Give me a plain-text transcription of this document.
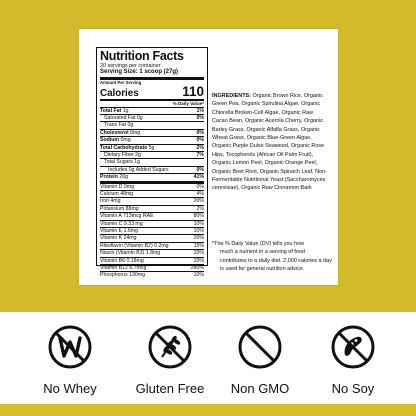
Nutrition Facts
20 servings per container
Serving Size: 1 scoop (27g)
Amount Per Serving
Calories	110
% Daily Value*
Total Fat 1g	1%
Saturated Fat 0g	0%
Trans Fat 0g
Cholesterol 0mg	0%
Sodium 0mg	0%
Total Carbohydrate 5g	2%
Dietary Fiber 2g	7%
Total Sugars 1g
Includes 0g Added Sugars	0%
Protein 20g	41%
Vitamin D 0mg	0%
Calcium 48mg	4%
Iron 4mg	20%
Potassium 88mg	2%
Vitamin A 713mcg RAE	80%
Vitamin C 9.33 mg	10%
Vitamin E 1.6mg	10%
Vitamin K 24mg	20%
Riboflavin (Vitamin B2) 0.2mg	15%
Niacin (Vitamin B3) 1.8mg	10%
Vitamin B6 0.18mg	10%
Vitamin B12 6.7mcg	280%
Phosphorus 130mg	10%
INGREDIENTS: Organic Brown Rice, Organic Green Pea, Organic Spirulina Algae, Organic Chlorella Broken-Cell Algae, Organic Raw Cacao Bean, Organic Acerola Cherry, Organic Barley Grass, Organic Alfalfa Grass, Organic Wheat Grass, Organic Blue-Green Algae, Organic Purple Dulse Seaweed, Organic Rose Hips, Tocopherols (African Oil Palm Fruit), Organic Lemon Peel, Organic Orange Peel, Organic Beet Root, Organic Spinach Leaf, Non-Fermentable Nutritional Yeast (Saccharomyces cerevisiae), Organic Raw Cinnamon Bark
*The % Daily Value (DV) tells you how
much a nutrient in a serving of food contributes to a daily diet. 2,000 calories a day is used for general nutrition advice.
No Whey	Gluten Free	Non GMO	No Soy
